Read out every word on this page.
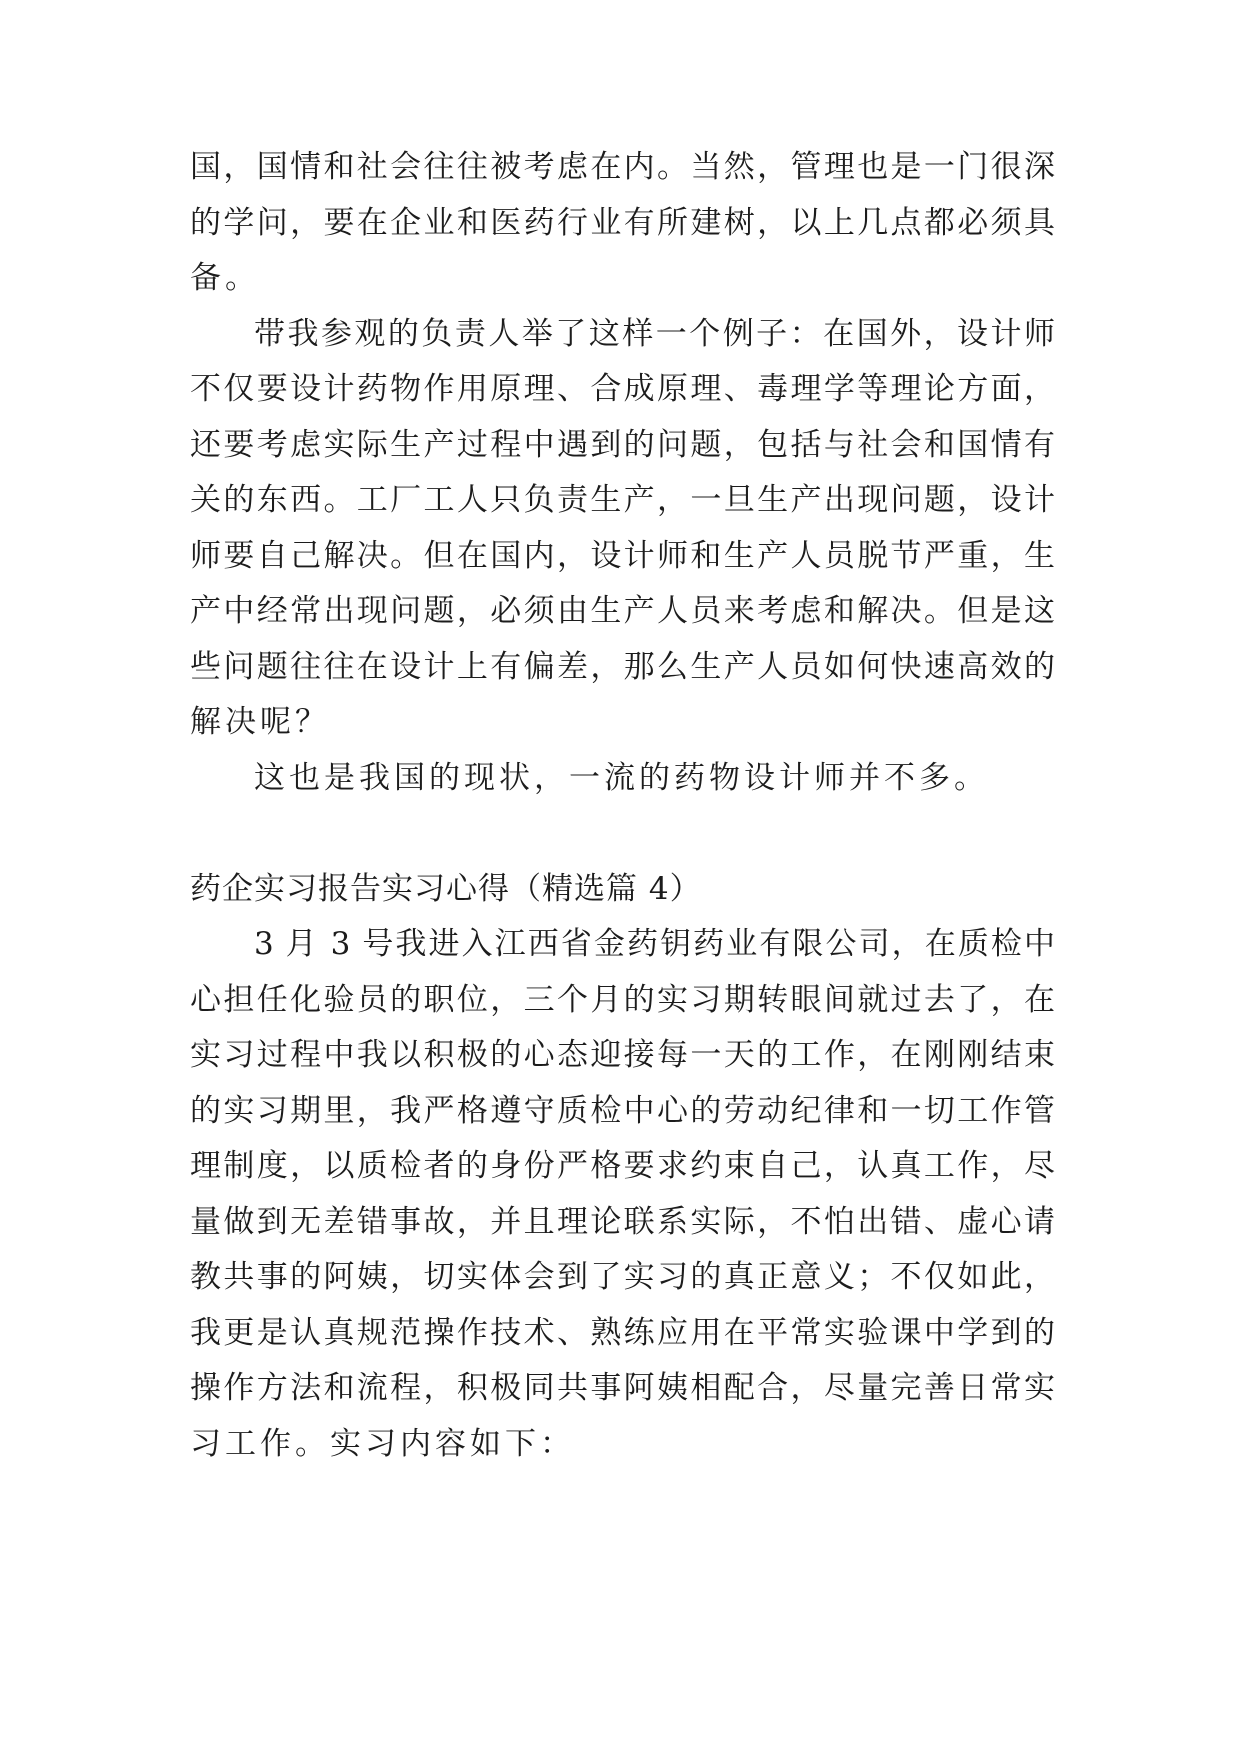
国，国情和社会往往被考虑在内。当然，管理也是一门很深
的学问，要在企业和医药行业有所建树，以上几点都必须具
备。
带我参观的负责人举了这样一个例子：在国外，设计师
不仅要设计药物作用原理、合成原理、毒理学等理论方面，
还要考虑实际生产过程中遇到的问题，包括与社会和国情有
关的东西。工厂工人只负责生产，一旦生产出现问题，设计
师要自己解决。但在国内，设计师和生产人员脱节严重，生
产中经常出现问题，必须由生产人员来考虑和解决。但是这
些问题往往在设计上有偏差，那么生产人员如何快速高效的
解决呢？
这也是我国的现状，一流的药物设计师并不多。
药企实习报告实习心得（精选篇 4）
3 月 3 号我进入江西省金药钥药业有限公司，在质检中
心担任化验员的职位，三个月的实习期转眼间就过去了，在
实习过程中我以积极的心态迎接每一天的工作，在刚刚结束
的实习期里，我严格遵守质检中心的劳动纪律和一切工作管
理制度，以质检者的身份严格要求约束自己，认真工作，尽
量做到无差错事故，并且理论联系实际，不怕出错、虚心请
教共事的阿姨，切实体会到了实习的真正意义；不仅如此，
我更是认真规范操作技术、熟练应用在平常实验课中学到的
操作方法和流程，积极同共事阿姨相配合，尽量完善日常实
习工作。实习内容如下：
